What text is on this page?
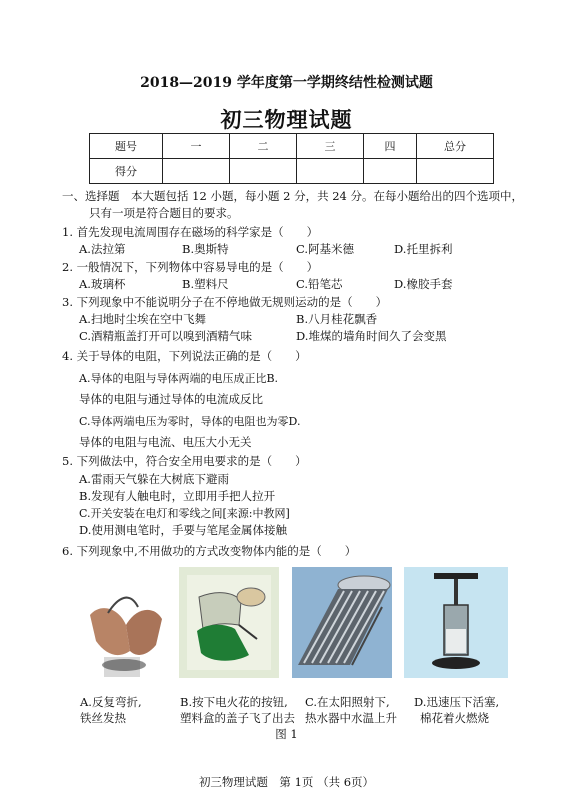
2018—2019 学年度第一学期终结性检测试题
初三物理试题
题号	一	二	三	四	总分
得分					
一、选择题　本大题包括 12 小题，每小题 2 分，共 24 分。在每小题给出的四个选项中，
只有一项是符合题目的要求。
1. 首先发现电流周围存在磁场的科学家是（　　）
A.法拉第	B.奥斯特	C.阿基米德	D.托里拆利
2. 一般情况下，下列物体中容易导电的是（　　）
A.玻璃杯	B.塑料尺	C.铅笔芯	D.橡胶手套
3. 下列现象中不能说明分子在不停地做无规则运动的是（　　）
A.扫地时尘埃在空中飞舞	B.八月桂花飘香
C.酒精瓶盖打开可以嗅到酒精气味	D.堆煤的墙角时间久了会变黑
4. 关于导体的电阻，下列说法正确的是（　　）
A.导体的电阻与导体两端的电压成正比B.
导体的电阻与通过导体的电流成反比
C.导体两端电压为零时，导体的电阻也为零D.
导体的电阻与电流、电压大小无关
5. 下列做法中，符合安全用电要求的是（　　）
A.雷雨天气躲在大树底下避雨
B.发现有人触电时，立即用手把人拉开
C.开关安装在电灯和零线之间[来源:中教网]
D.使用测电笔时，手要与笔尾金属体接触
6. 下列现象中,不用做功的方式改变物体内能的是（　　）
A.反复弯折,
铁丝发热
B.按下电火花的按钮,
塑料盒的盖子飞了出去
C.在太阳照射下,
热水器中水温上升
D.迅速压下活塞,
棉花着火燃烧
图 1
初三物理试题　第 1页 （共 6页）
